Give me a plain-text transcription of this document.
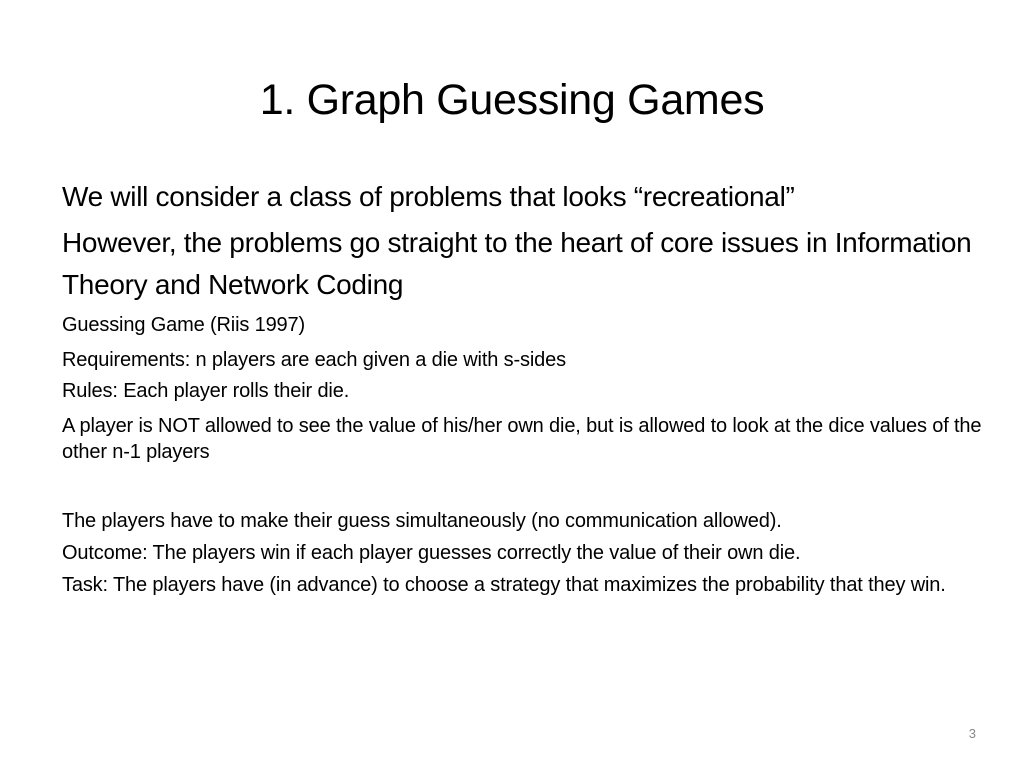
1. Graph Guessing Games

We will consider a class of problems that looks “recreational”

However, the problems go straight to the heart of core issues in Information Theory and Network Coding

Guessing Game (Riis 1997)

Requirements: n players are each given a die with s-sides

Rules: Each player rolls their die.

A player is NOT allowed to see the value of his/her own die, but is allowed to look at the dice values of the other n-1 players

The players have to make their guess simultaneously (no communication allowed).

Outcome: The players win if each player guesses correctly the value of their own die.

Task: The players have (in advance) to choose a strategy that maximizes the probability that they win.

3
